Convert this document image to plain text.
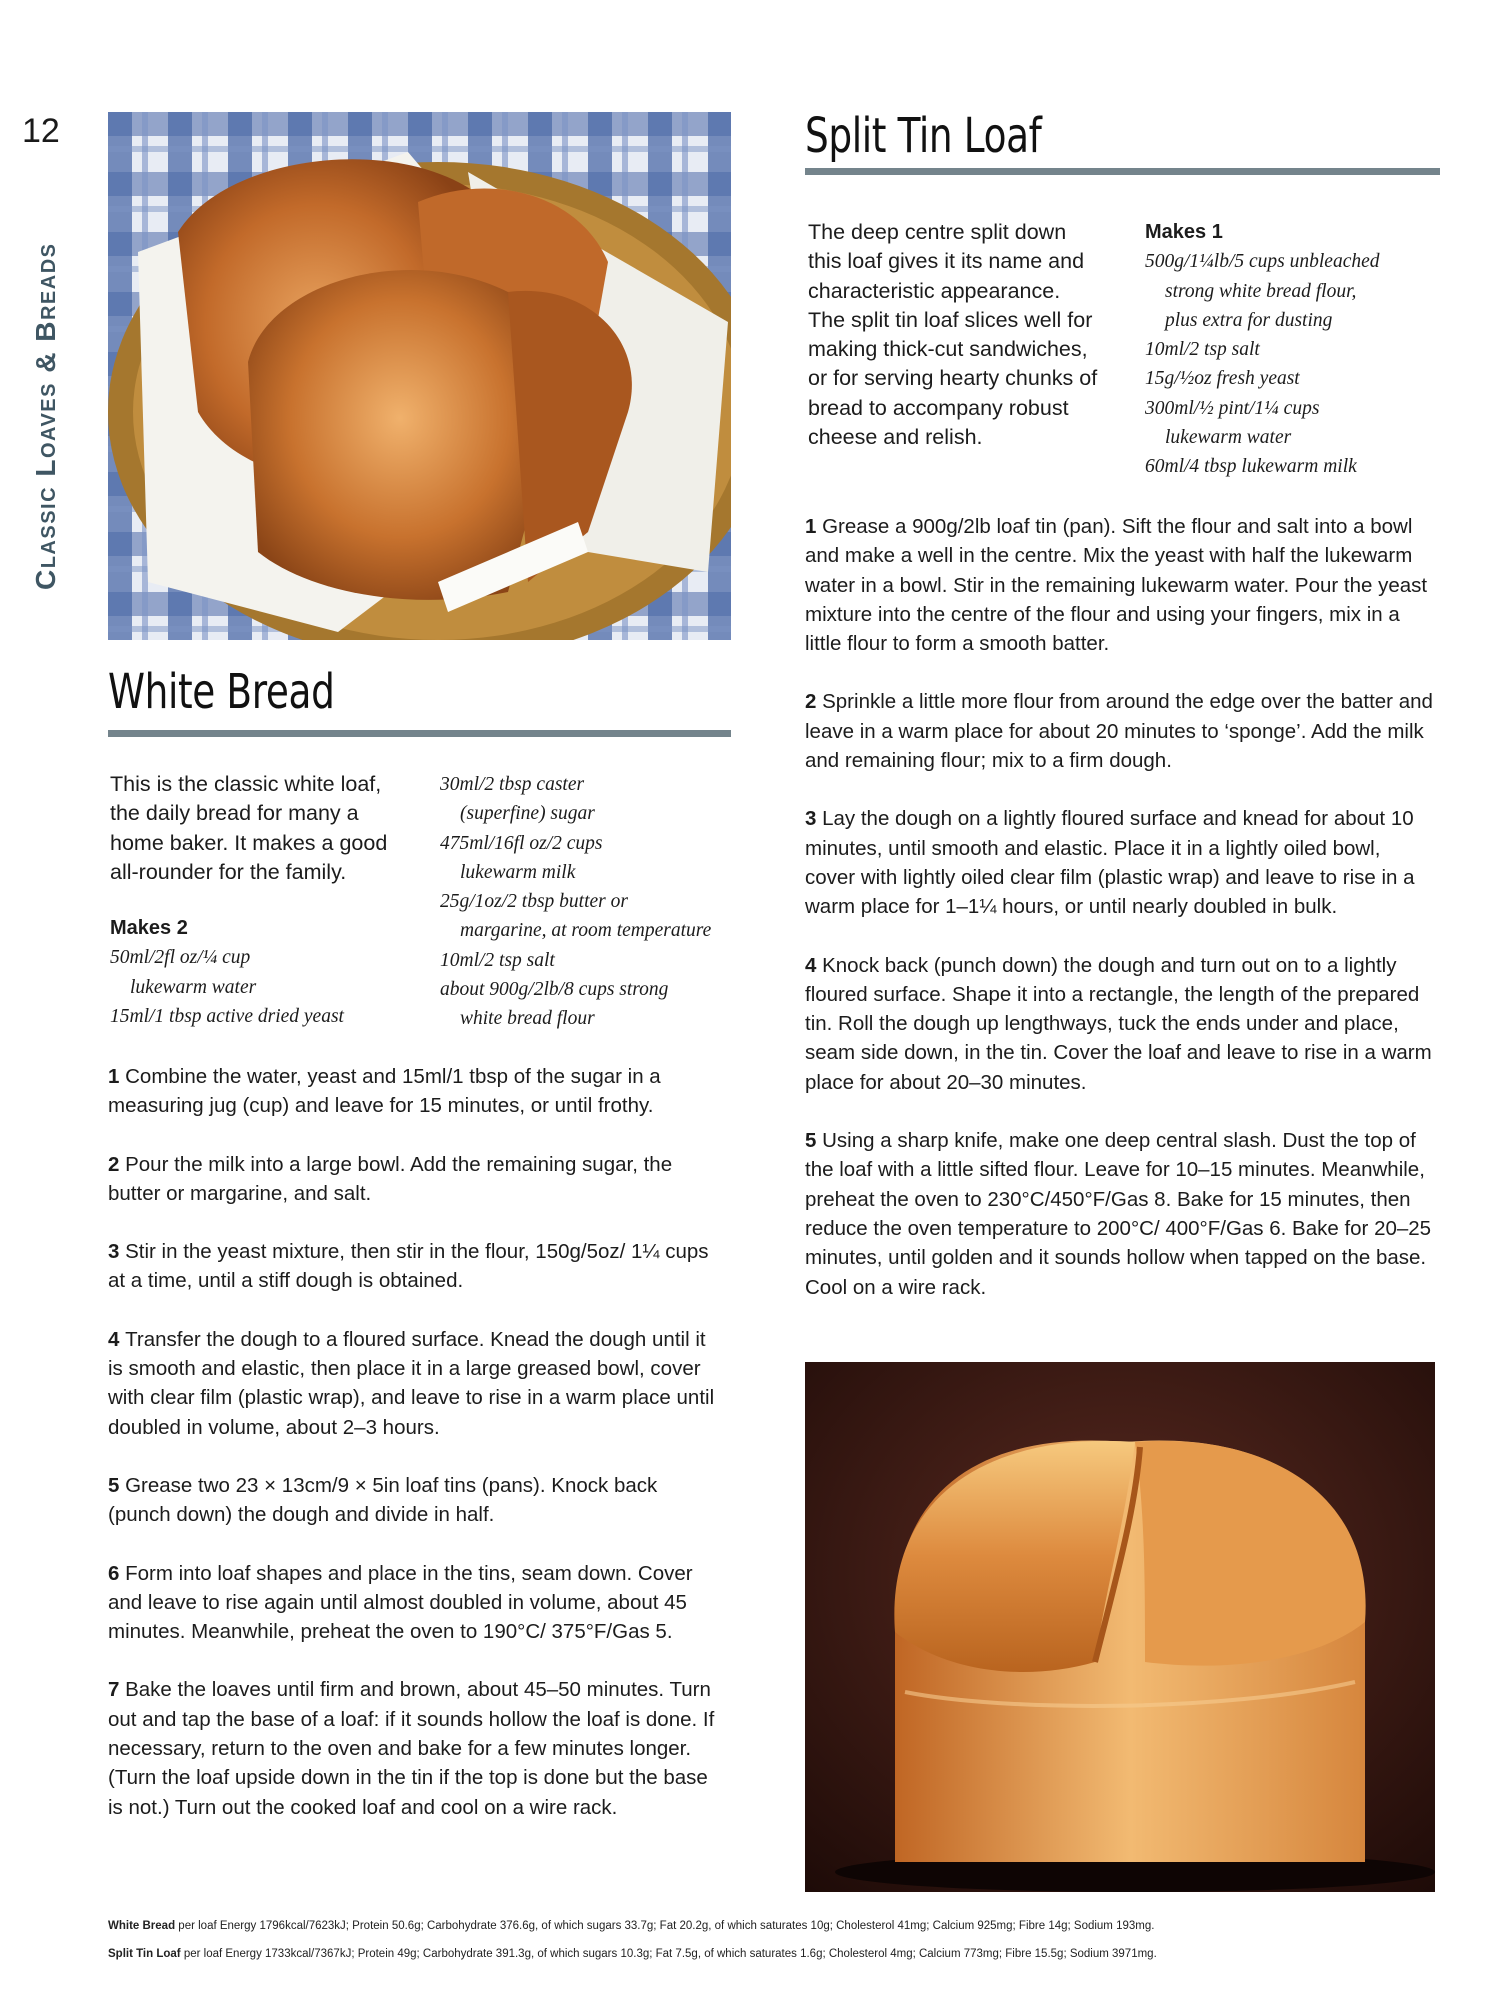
12
Classic Loaves & Breads
White Bread

This is the classic white loaf, the daily bread for many a home baker. It makes a good all-rounder for the family.

Makes 2
50ml/2fl oz/¼ cup
lukewarm water
15ml/1 tbsp active dried yeast
30ml/2 tbsp caster
(superfine) sugar
475ml/16fl oz/2 cups
lukewarm milk
25g/1oz/2 tbsp butter or
margarine, at room temperature
10ml/2 tsp salt
about 900g/2lb/8 cups strong
white bread flour

1 Combine the water, yeast and 15ml/1 tbsp of the sugar in a measuring jug (cup) and leave for 15 minutes, or until frothy.

2 Pour the milk into a large bowl. Add the remaining sugar, the butter or margarine, and salt.

3 Stir in the yeast mixture, then stir in the flour, 150g/5oz/ 1¼ cups at a time, until a stiff dough is obtained.

4 Transfer the dough to a floured surface. Knead the dough until it is smooth and elastic, then place it in a large greased bowl, cover with clear film (plastic wrap), and leave to rise in a warm place until doubled in volume, about 2–3 hours.

5 Grease two 23 × 13cm/9 × 5in loaf tins (pans). Knock back (punch down) the dough and divide in half.

6 Form into loaf shapes and place in the tins, seam down. Cover and leave to rise again until almost doubled in volume, about 45 minutes. Meanwhile, preheat the oven to 190°C/ 375°F/Gas 5.

7 Bake the loaves until firm and brown, about 45–50 minutes. Turn out and tap the base of a loaf: if it sounds hollow the loaf is done. If necessary, return to the oven and bake for a few minutes longer. (Turn the loaf upside down in the tin if the top is done but the base is not.) Turn out the cooked loaf and cool on a wire rack.

Split Tin Loaf

The deep centre split down this loaf gives it its name and characteristic appearance. The split tin loaf slices well for making thick-cut sandwiches, or for serving hearty chunks of bread to accompany robust cheese and relish.

Makes 1
500g/1¼lb/5 cups unbleached
strong white bread flour,
plus extra for dusting
10ml/2 tsp salt
15g/½oz fresh yeast
300ml/½ pint/1¼ cups
lukewarm water
60ml/4 tbsp lukewarm milk

1 Grease a 900g/2lb loaf tin (pan). Sift the flour and salt into a bowl and make a well in the centre. Mix the yeast with half the lukewarm water in a bowl. Stir in the remaining lukewarm water. Pour the yeast mixture into the centre of the flour and using your fingers, mix in a little flour to form a smooth batter.

2 Sprinkle a little more flour from around the edge over the batter and leave in a warm place for about 20 minutes to ‘sponge’. Add the milk and remaining flour; mix to a firm dough.

3 Lay the dough on a lightly floured surface and knead for about 10 minutes, until smooth and elastic. Place it in a lightly oiled bowl, cover with lightly oiled clear film (plastic wrap) and leave to rise in a warm place for 1–1¼ hours, or until nearly doubled in bulk.

4 Knock back (punch down) the dough and turn out on to a lightly floured surface. Shape it into a rectangle, the length of the prepared tin. Roll the dough up lengthways, tuck the ends under and place, seam side down, in the tin. Cover the loaf and leave to rise in a warm place for about 20–30 minutes.

5 Using a sharp knife, make one deep central slash. Dust the top of the loaf with a little sifted flour. Leave for 10–15 minutes. Meanwhile, preheat the oven to 230°C/450°F/Gas 8. Bake for 15 minutes, then reduce the oven temperature to 200°C/ 400°F/Gas 6. Bake for 20–25 minutes, until golden and it sounds hollow when tapped on the base. Cool on a wire rack.

White Bread per loaf Energy 1796kcal/7623kJ; Protein 50.6g; Carbohydrate 376.6g, of which sugars 33.7g; Fat 20.2g, of which saturates 10g; Cholesterol 41mg; Calcium 925mg; Fibre 14g; Sodium 193mg.
Split Tin Loaf per loaf Energy 1733kcal/7367kJ; Protein 49g; Carbohydrate 391.3g, of which sugars 10.3g; Fat 7.5g, of which saturates 1.6g; Cholesterol 4mg; Calcium 773mg; Fibre 15.5g; Sodium 3971mg.
